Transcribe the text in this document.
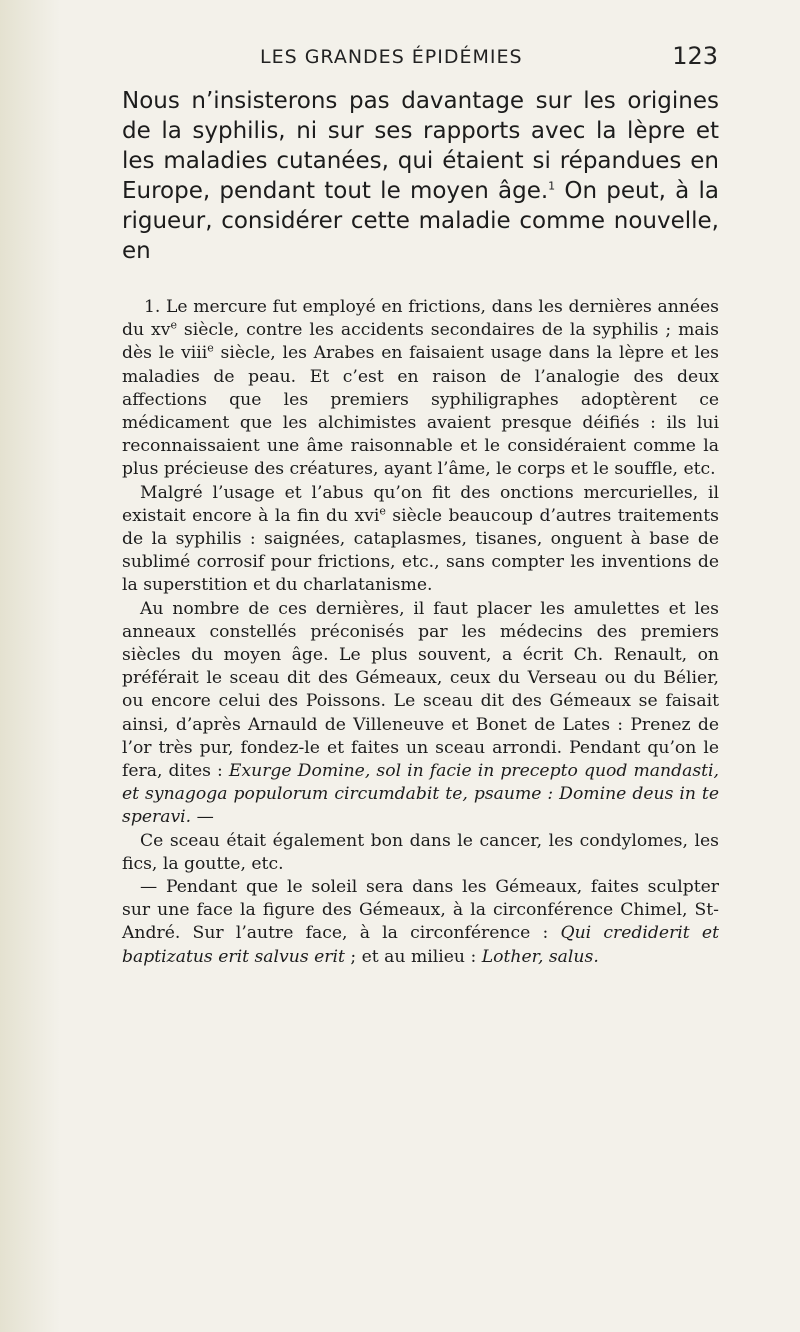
LES GRANDES ÉPIDÉMIES	123

Nous n’insisterons pas davantage sur les origines de la syphilis, ni sur ses rapports avec la lèpre et les maladies cutanées, qui étaient si répandues en Europe, pendant tout le moyen âge.$^1$ On peut, à la rigueur, considérer cette maladie comme nouvelle, en

1. Le mercure fut employé en frictions, dans les dernières années du $xv^e$ siècle, contre les accidents secondaires de la syphilis ; mais dès le viii$^e$ siècle, les Arabes en faisaient usage dans la lèpre et les maladies de peau. Et c’est en raison de l’analogie des deux affections que les premiers syphiligraphes adoptèrent ce médicament que les alchimistes avaient presque déifiés : ils lui reconnaissaient une âme raisonnable et le considéraient comme la plus précieuse des créatures, ayant l’âme, le corps et le souffle, etc.

Malgré l’usage et l’abus qu’on fit des onctions mercurielles, il existait encore à la fin du xvi$^e$ siècle beaucoup d’autres traitements de la syphilis : saignées, cataplasmes, tisanes, onguent à base de sublimé corrosif pour frictions, etc., sans compter les inventions de la superstition et du charlatanisme.

Au nombre de ces dernières, il faut placer les amulettes et les anneaux constellés préconisés par les médecins des premiers siècles du moyen âge. Le plus souvent, a écrit Ch. Renault, on préférait le sceau dit des Gémeaux, ceux du Verseau ou du Bélier, ou encore celui des Poissons. Le sceau dit des Gémeaux se faisait ainsi, d’après Arnauld de Villeneuve et Bonet de Lates : Prenez de l’or très pur, fondez-le et faites un sceau arrondi. Pendant qu’on le fera, dites : Exurge Domine, sol in facie in precepto quod mandasti, et synagoga populorum circumdabit te, psaume : Domine deus in te speravi. —

Ce sceau était également bon dans le cancer, les condylomes, les fics, la goutte, etc.

— Pendant que le soleil sera dans les Gémeaux, faites sculpter sur une face la figure des Gémeaux, à la circonférence Chimel, St-André. Sur l’autre face, à la circonférence : Qui crediderit et baptizatus erit salvus erit ; et au milieu : Lother, salus.
